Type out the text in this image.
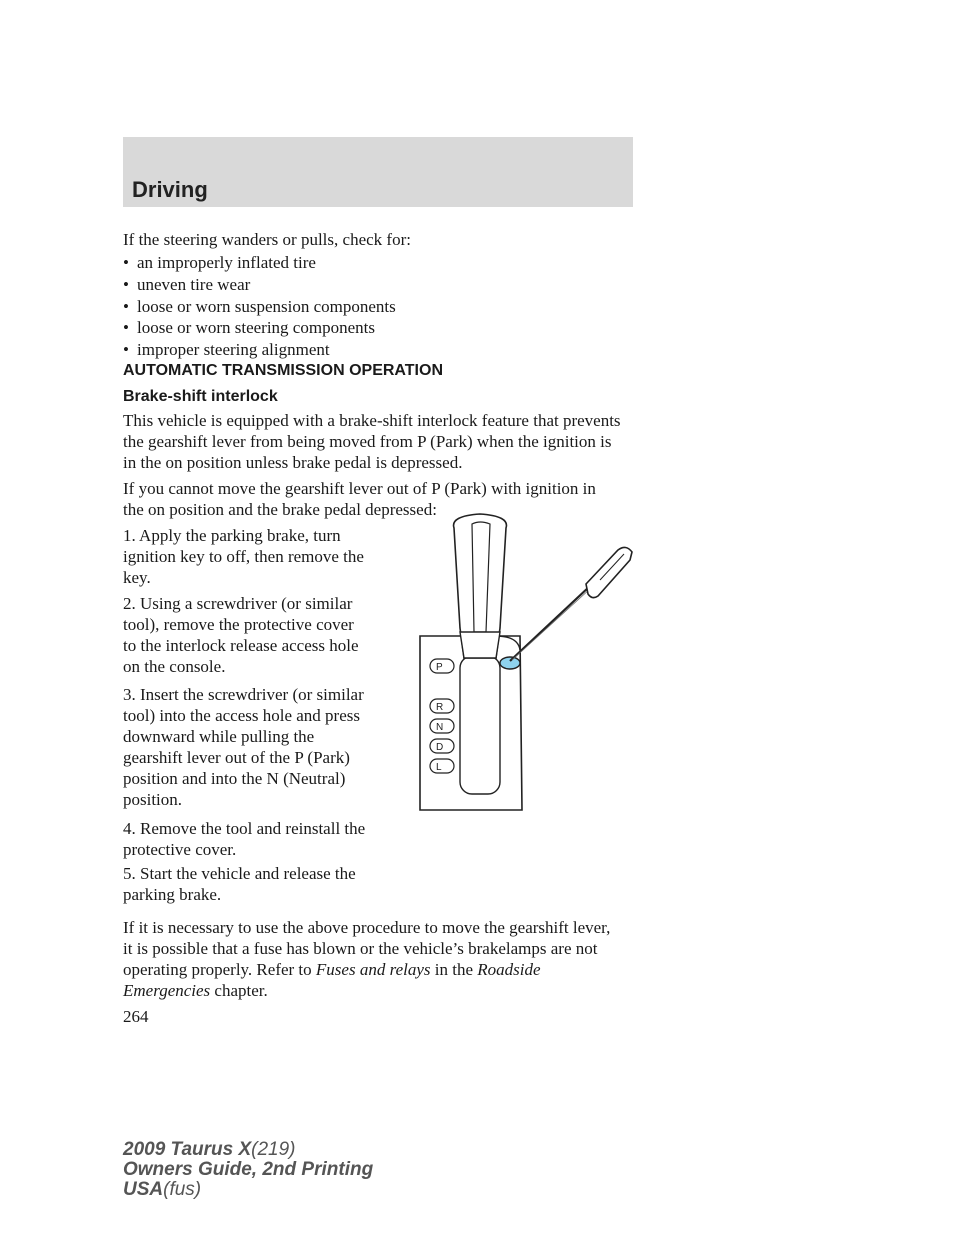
Driving
If the steering wanders or pulls, check for:
• an improperly inflated tire
• uneven tire wear
• loose or worn suspension components
• loose or worn steering components
• improper steering alignment
AUTOMATIC TRANSMISSION OPERATION
Brake-shift interlock
This vehicle is equipped with a brake-shift interlock feature that prevents
the gearshift lever from being moved from P (Park) when the ignition is
in the on position unless brake pedal is depressed.
If you cannot move the gearshift lever out of P (Park) with ignition in
the on position and the brake pedal depressed:
1. Apply the parking brake, turn
ignition key to off, then remove the
key.
2. Using a screwdriver (or similar
tool), remove the protective cover
to the interlock release access hole
on the console.
3. Insert the screwdriver (or similar
tool) into the access hole and press
downward while pulling the
gearshift lever out of the P (Park)
position and into the N (Neutral)
position.
4. Remove the tool and reinstall the
protective cover.
5. Start the vehicle and release the
parking brake.
P
R
N
D
L
If it is necessary to use the above procedure to move the gearshift lever,
it is possible that a fuse has blown or the vehicle’s brakelamps are not
operating properly. Refer to Fuses and relays in the Roadside
Emergencies chapter.
264
2009 Taurus X(219)
Owners Guide, 2nd Printing
USA(fus)
